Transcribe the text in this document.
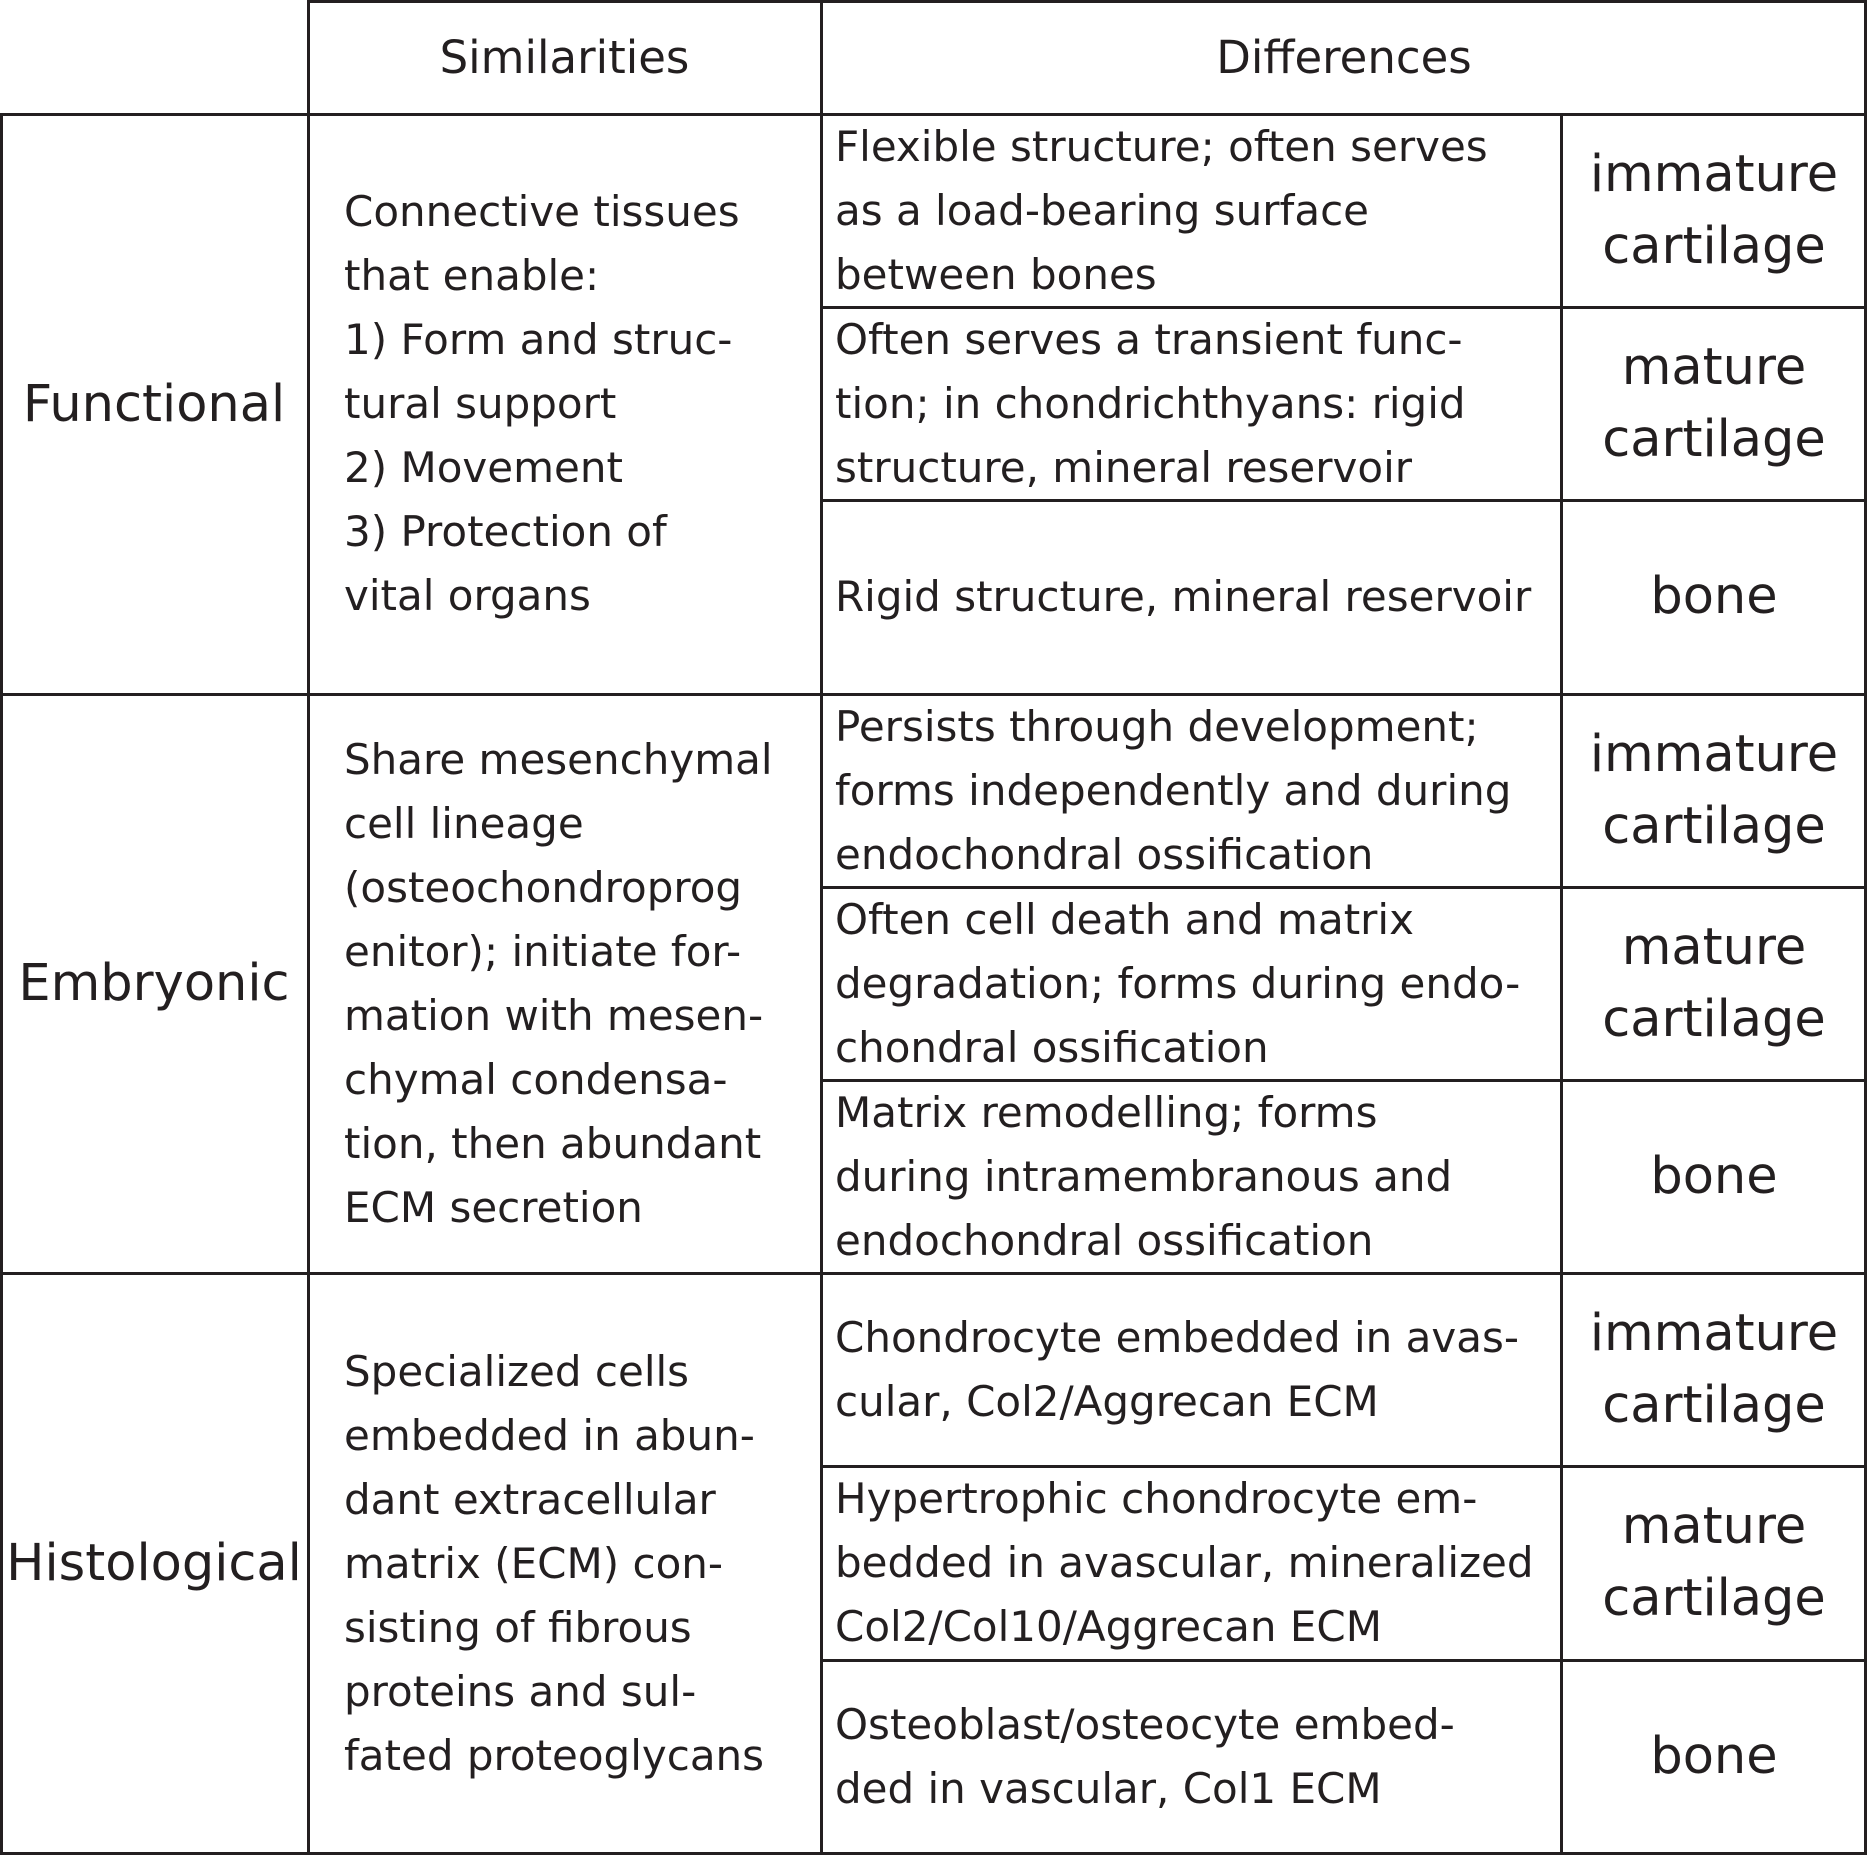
Similarities	Differences
Functional
Connective tissues
that enable:
1) Form and struc-
tural support
2) Movement
3) Protection of
vital organs
Flexible structure; often serves
as a load-bearing surface
between bones
immature
cartilage
Often serves a transient func-
tion; in chondrichthyans: rigid
structure, mineral reservoir
mature
cartilage
Rigid structure, mineral reservoir bone
Embryonic
Share mesenchymal
cell lineage
(osteochondroprog
enitor); initiate for-
mation with mesen-
chymal condensa-
tion, then abundant
ECM secretion
Persists through development;
forms independently and during
endochondral ossification
immature
cartilage
Often cell death and matrix
degradation; forms during endo-
chondral ossification
mature
cartilage
Matrix remodelling; forms
during intramembranous and
endochondral ossification
bone
Histological
Specialized cells
embedded in abun-
dant extracellular
matrix (ECM) con-
sisting of fibrous
proteins and sul-
fated proteoglycans
Chondrocyte embedded in avas-
cular, Col2/Aggrecan ECM
immature
cartilage
Hypertrophic chondrocyte em-
bedded in avascular, mineralized
Col2/Col10/Aggrecan ECM
mature
cartilage
Osteoblast/osteocyte embed-
ded in vascular, Col1 ECM
bone
